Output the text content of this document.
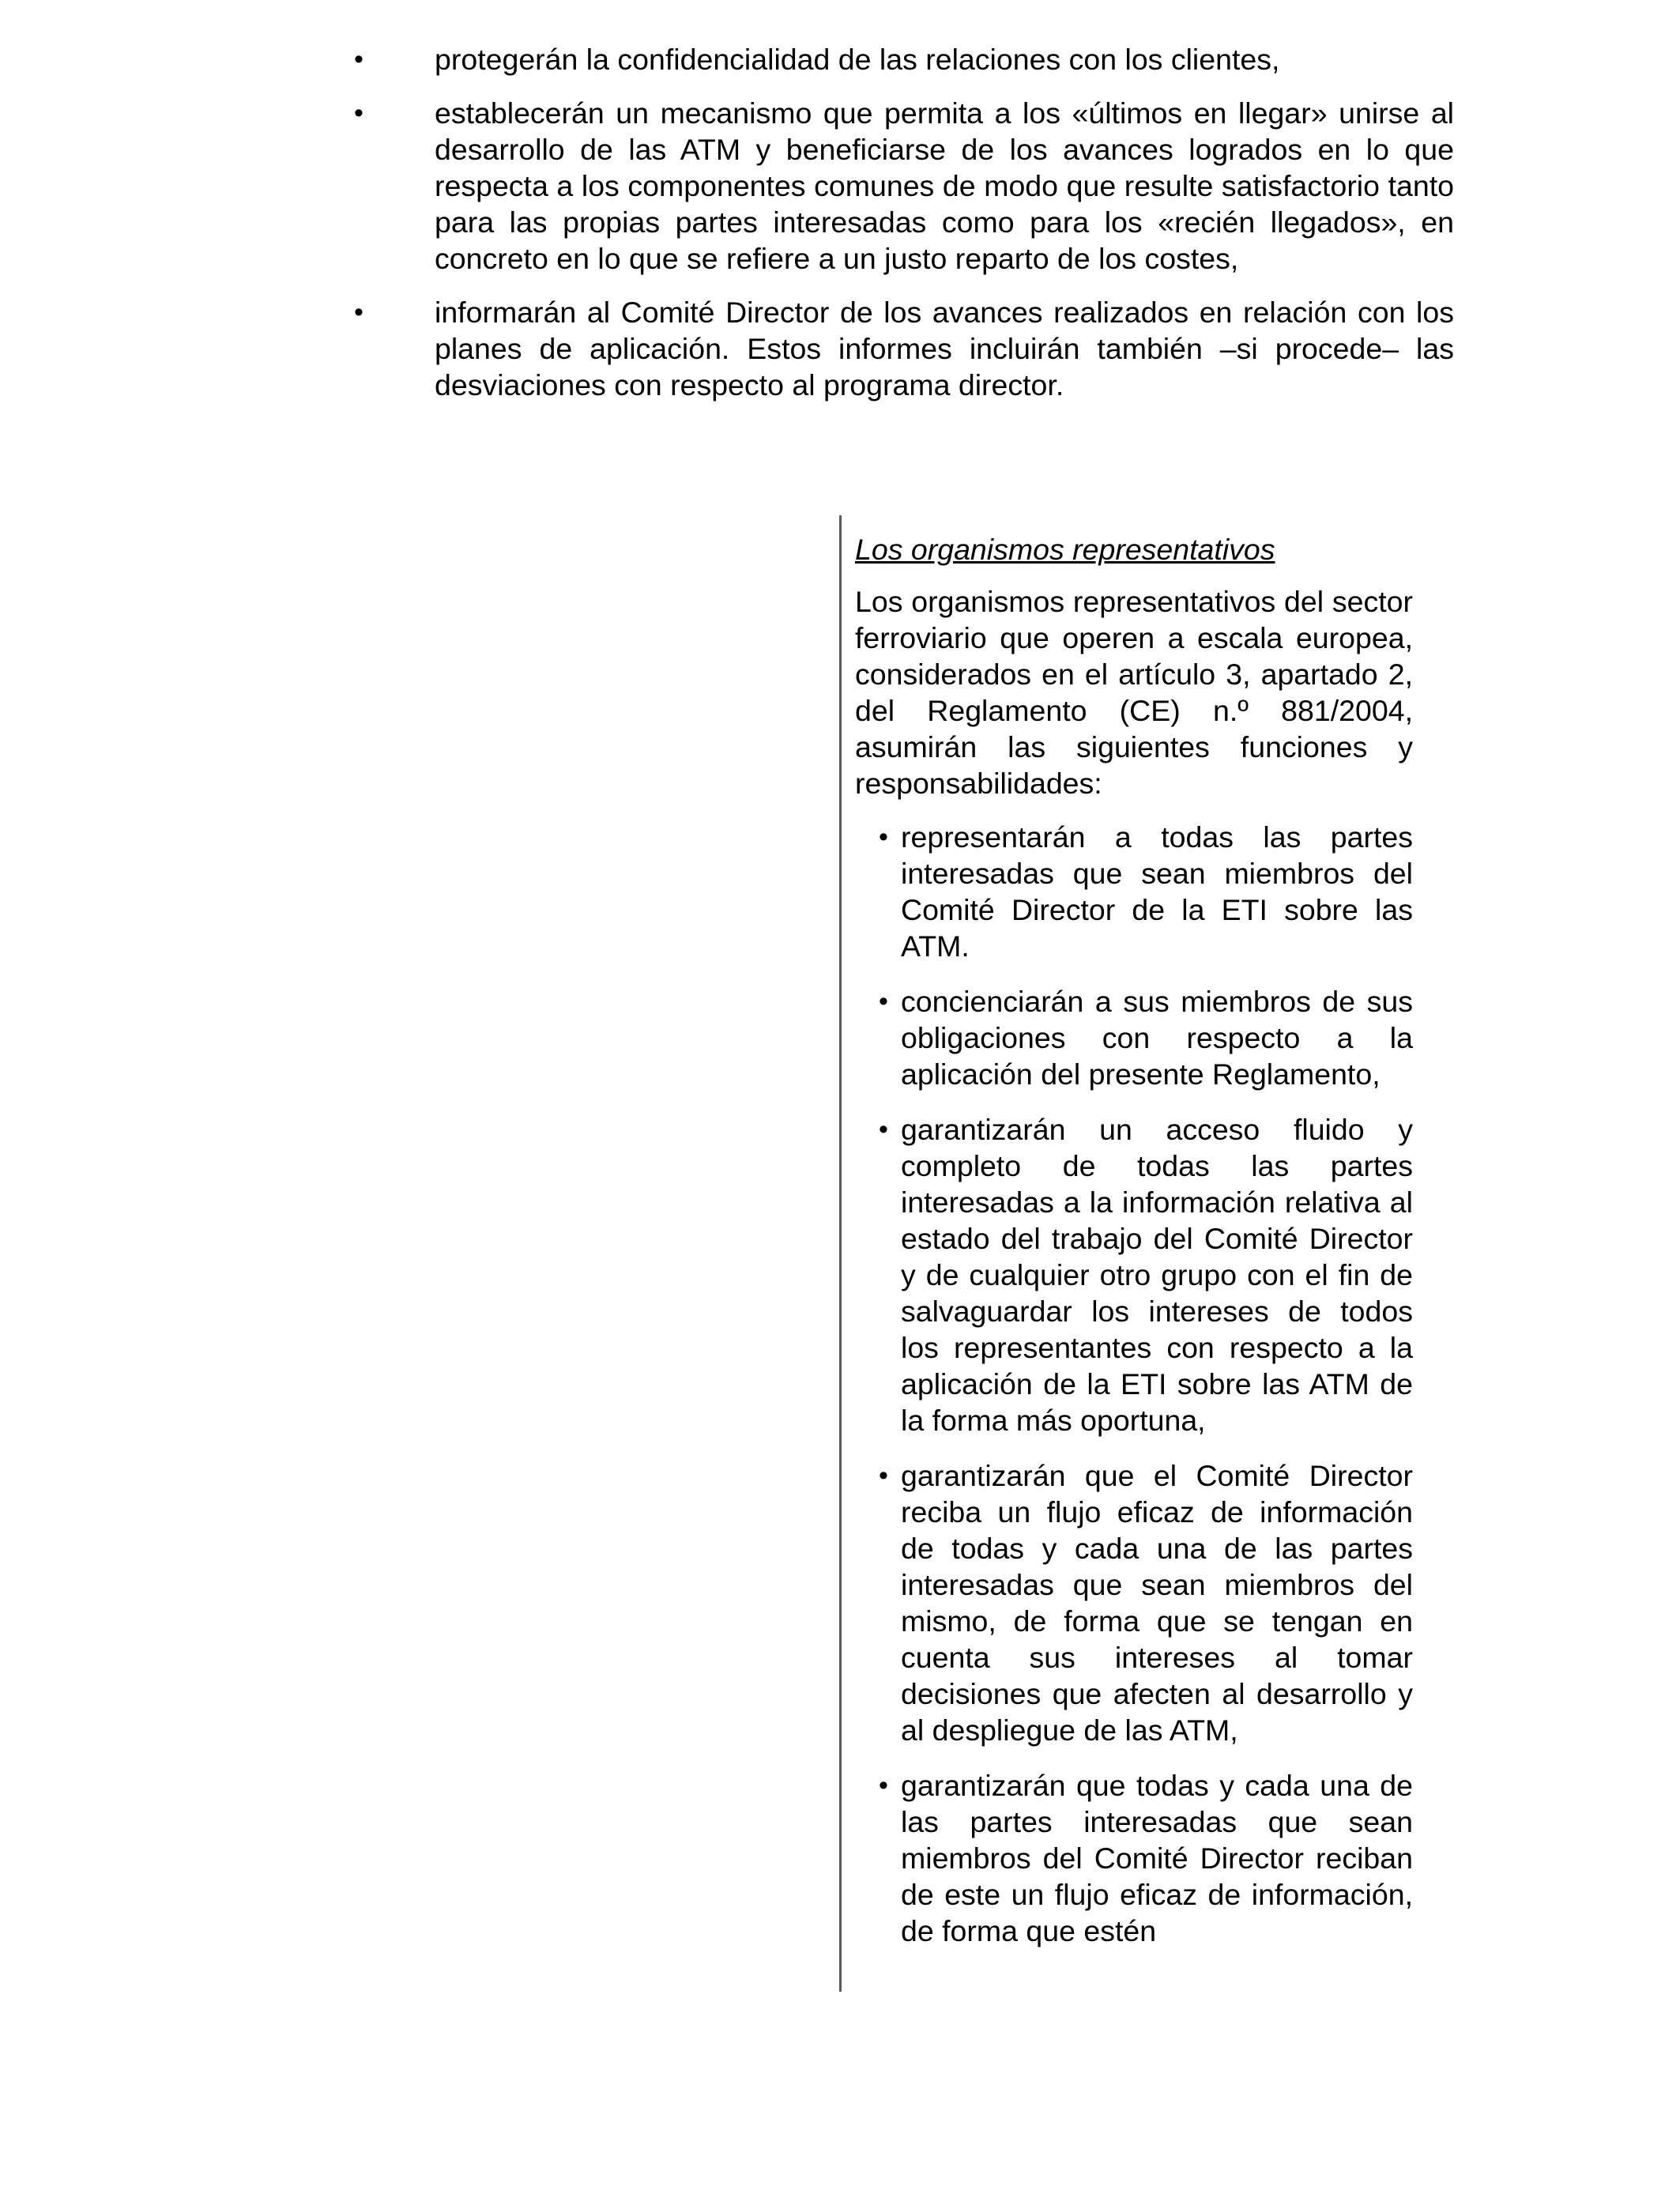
• protegerán la confidencialidad de las relaciones con los clientes,
• establecerán un mecanismo que permita a los «últimos en llegar» unirse al desarrollo de las ATM y beneficiarse de los avances logrados en lo que respecta a los componentes comunes de modo que resulte satisfactorio tanto para las propias partes interesadas como para los «recién llegados», en concreto en lo que se refiere a un justo reparto de los costes,
• informarán al Comité Director de los avances realizados en relación con los planes de aplicación. Estos informes incluirán también –si procede– las desviaciones con respecto al programa director.
Los organismos representativos

Los organismos representativos del sector ferroviario que operen a escala europea, considerados en el artículo 3, apartado 2, del Reglamento (CE) n.º 881/2004, asumirán las siguientes funciones y responsabilidades:

• representarán a todas las partes interesadas que sean miembros del Comité Director de la ETI sobre las ATM.
• concienciarán a sus miembros de sus obligaciones con respecto a la aplicación del presente Reglamento,
• garantizarán un acceso fluido y completo de todas las partes interesadas a la información relativa al estado del trabajo del Comité Director y de cualquier otro grupo con el fin de salvaguardar los intereses de todos los representantes con respecto a la aplicación de la ETI sobre las ATM de la forma más oportuna,
• garantizarán que el Comité Director reciba un flujo eficaz de información de todas y cada una de las partes interesadas que sean miembros del mismo, de forma que se tengan en cuenta sus intereses al tomar decisiones que afecten al desarrollo y al despliegue de las ATM,
• garantizarán que todas y cada una de las partes interesadas que sean miembros del Comité Director reciban de este un flujo eficaz de información, de forma que estén
